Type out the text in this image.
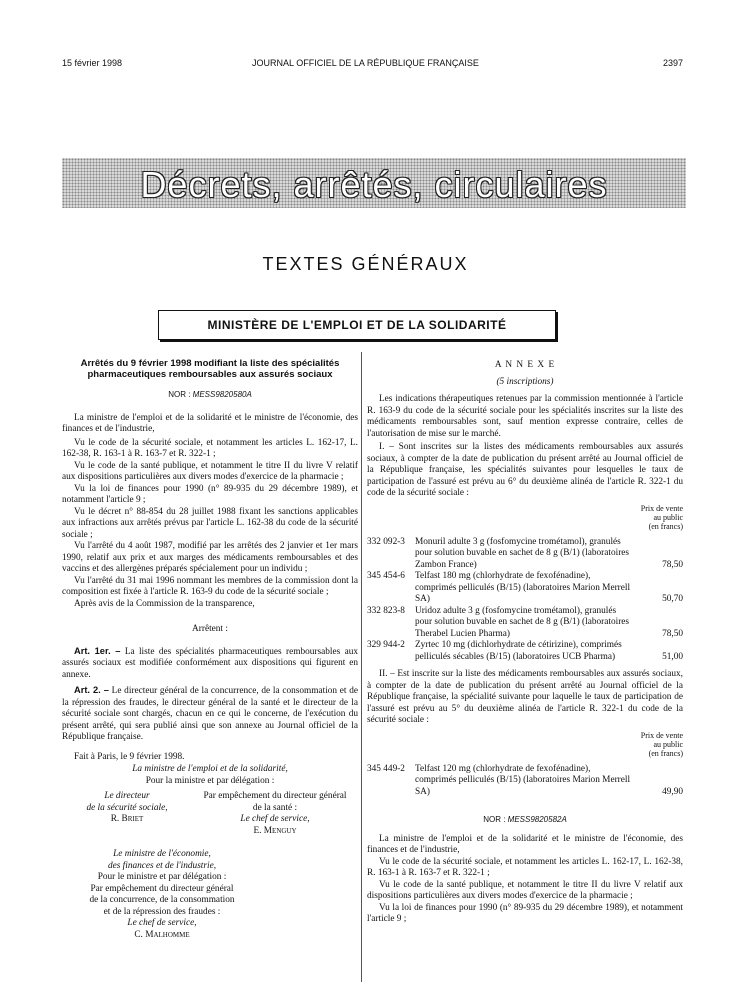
15 février 1998	JOURNAL OFFICIEL DE LA RÉPUBLIQUE FRANÇAISE	2397
Décrets, arrêtés, circulaires
TEXTES GÉNÉRAUX
MINISTÈRE DE L'EMPLOI ET DE LA SOLIDARITÉ
Arrêtés du 9 février 1998 modifiant la liste des spécialités pharmaceutiques remboursables aux assurés sociaux
NOR : MESS9820580A

La ministre de l'emploi et de la solidarité et le ministre de l'économie, des finances et de l'industrie,

Vu le code de la sécurité sociale, et notamment les articles L. 162-17, L. 162-38, R. 163-1 à R. 163-7 et R. 322-1 ;

Vu le code de la santé publique, et notamment le titre II du livre V relatif aux dispositions particulières aux divers modes d'exercice de la pharmacie ;

Vu la loi de finances pour 1990 (n° 89-935 du 29 décembre 1989), et notamment l'article 9 ;

Vu le décret n° 88-854 du 28 juillet 1988 fixant les sanctions applicables aux infractions aux arrêtés prévus par l'article L. 162-38 du code de la sécurité sociale ;

Vu l'arrêté du 4 août 1987, modifié par les arrêtés des 2 janvier et 1er mars 1990, relatif aux prix et aux marges des médicaments remboursables et des vaccins et des allergènes préparés spécialement pour un individu ;

Vu l'arrêté du 31 mai 1996 nommant les membres de la commission dont la composition est fixée à l'article R. 163-9 du code de la sécurité sociale ;

Après avis de la Commission de la transparence,

Arrêtent :

Art. 1er. – La liste des spécialités pharmaceutiques remboursables aux assurés sociaux est modifiée conformément aux dispositions qui figurent en annexe.

Art. 2. – Le directeur général de la concurrence, de la consommation et de la répression des fraudes, le directeur général de la santé et le directeur de la sécurité sociale sont chargés, chacun en ce qui le concerne, de l'exécution du présent arrêté, qui sera publié ainsi que son annexe au Journal officiel de la République française.

Fait à Paris, le 9 février 1998.

La ministre de l'emploi et de la solidarité,
Pour la ministre et par délégation :
Le directeur
de la sécurité sociale,
R. Briet
Par empêchement du directeur général
de la santé :
Le chef de service,
E. Menguy
Le ministre de l'économie,
des finances et de l'industrie,
Pour le ministre et par délégation :
Par empêchement du directeur général
de la concurrence, de la consommation
et de la répression des fraudes :
Le chef de service,
C. Malhomme
A N N E X E
(5 inscriptions)

Les indications thérapeutiques retenues par la commission mentionnée à l'article R. 163-9 du code de la sécurité sociale pour les spécialités inscrites sur la liste des médicaments remboursables sont, sauf mention expresse contraire, celles de l'autorisation de mise sur le marché.

I. – Sont inscrites sur la listes des médicaments remboursables aux assurés sociaux, à compter de la date de publication du présent arrêté au Journal officiel de la République française, les spécialités suivantes pour lesquelles le taux de participation de l'assuré est prévu au 6° du deuxième alinéa de l'article R. 322-1 du code de la sécurité sociale :

Prix de vente
au public
(en francs)
332 092-3	Monuril adulte 3 g (fosfomycine trométamol), granulés pour solution buvable en sachet de 8 g (B/1) (laboratoires Zambon France)	78,50
345 454-6	Telfast 180 mg (chlorhydrate de fexofénadine), comprimés pelliculés (B/15) (laboratoires Marion Merrell SA)	50,70
332 823-8	Uridoz adulte 3 g (fosfomycine trométamol), granulés pour solution buvable en sachet de 8 g (B/1) (laboratoires Therabel Lucien Pharma)	78,50
329 944-2	Zyrtec 10 mg (dichlorhydrate de cétirizine), comprimés pelliculés sécables (B/15) (laboratoires UCB Pharma)	51,00

II. – Est inscrite sur la liste des médicaments remboursables aux assurés sociaux, à compter de la date de publication du présent arrêté au Journal officiel de la République française, la spécialité suivante pour laquelle le taux de participation de l'assuré est prévu au 5° du deuxième alinéa de l'article R. 322-1 du code de la sécurité sociale :

Prix de vente
au public
(en francs)
345 449-2	Telfast 120 mg (chlorhydrate de fexofénadine), comprimés pelliculés (B/15) (laboratoires Marion Merrell SA)	49,90
NOR : MESS9820582A

La ministre de l'emploi et de la solidarité et le ministre de l'économie, des finances et de l'industrie,

Vu le code de la sécurité sociale, et notamment les articles L. 162-17, L. 162-38, R. 163-1 à R. 163-7 et R. 322-1 ;

Vu le code de la santé publique, et notamment le titre II du livre V relatif aux dispositions particulières aux divers modes d'exercice de la pharmacie ;

Vu la loi de finances pour 1990 (n° 89-935 du 29 décembre 1989), et notamment l'article 9 ;
